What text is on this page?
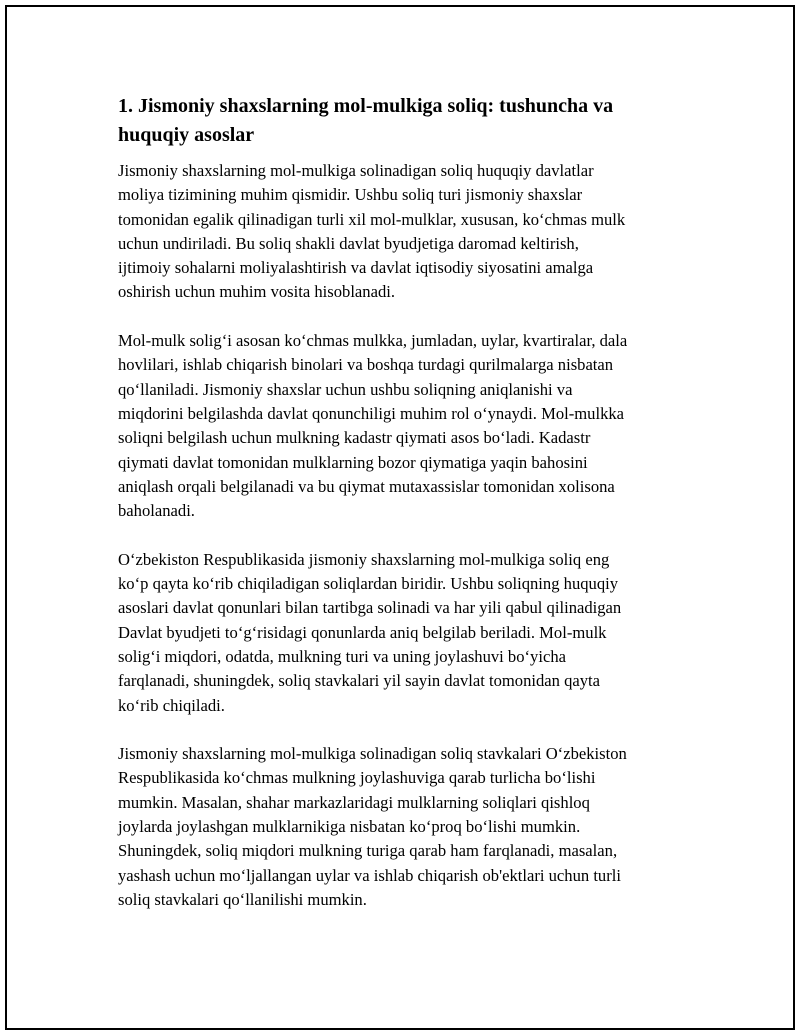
1. Jismoniy shaxslarning mol-mulkiga soliq: tushuncha va
huquqiy asoslar

Jismoniy shaxslarning mol-mulkiga solinadigan soliq huquqiy davlatlar
moliya tizimining muhim qismidir. Ushbu soliq turi jismoniy shaxslar
tomonidan egalik qilinadigan turli xil mol-mulklar, xususan, koʻchmas mulk
uchun undiriladi. Bu soliq shakli davlat byudjetiga daromad keltirish,
ijtimoiy sohalarni moliyalashtirish va davlat iqtisodiy siyosatini amalga
oshirish uchun muhim vosita hisoblanadi.

Mol-mulk soligʻi asosan koʻchmas mulkka, jumladan, uylar, kvartiralar, dala
hovlilari, ishlab chiqarish binolari va boshqa turdagi qurilmalarga nisbatan
qoʻllaniladi. Jismoniy shaxslar uchun ushbu soliqning aniqlanishi va
miqdorini belgilashda davlat qonunchiligi muhim rol oʻynaydi. Mol-mulkka
soliqni belgilash uchun mulkning kadastr qiymati asos boʻladi. Kadastr
qiymati davlat tomonidan mulklarning bozor qiymatiga yaqin bahosini
aniqlash orqali belgilanadi va bu qiymat mutaxassislar tomonidan xolisona
baholanadi.

Oʻzbekiston Respublikasida jismoniy shaxslarning mol-mulkiga soliq eng
koʻp qayta koʻrib chiqiladigan soliqlardan biridir. Ushbu soliqning huquqiy
asoslari davlat qonunlari bilan tartibga solinadi va har yili qabul qilinadigan
Davlat byudjeti toʻgʻrisidagi qonunlarda aniq belgilab beriladi. Mol-mulk
soligʻi miqdori, odatda, mulkning turi va uning joylashuvi boʻyicha
farqlanadi, shuningdek, soliq stavkalari yil sayin davlat tomonidan qayta
koʻrib chiqiladi.

Jismoniy shaxslarning mol-mulkiga solinadigan soliq stavkalari Oʻzbekiston
Respublikasida koʻchmas mulkning joylashuviga qarab turlicha boʻlishi
mumkin. Masalan, shahar markazlaridagi mulklarning soliqlari qishloq
joylarda joylashgan mulklarnikiga nisbatan koʻproq boʻlishi mumkin.
Shuningdek, soliq miqdori mulkning turiga qarab ham farqlanadi, masalan,
yashash uchun moʻljallangan uylar va ishlab chiqarish ob'ektlari uchun turli
soliq stavkalari qoʻllanilishi mumkin.
